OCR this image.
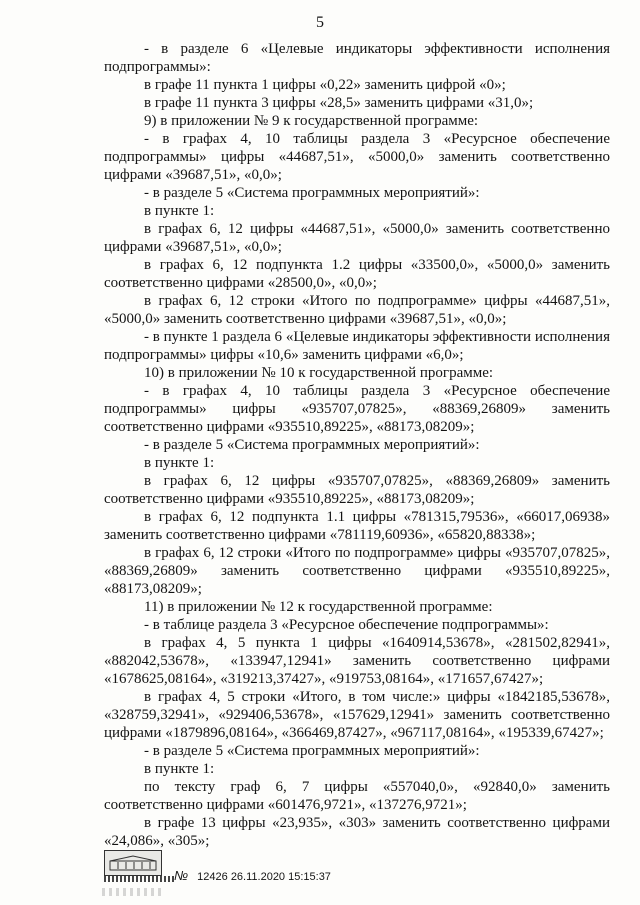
5

- в разделе 6 «Целевые индикаторы эффективности исполнения подпрограммы»:

в графе 11 пункта 1 цифры «0,22» заменить цифрой «0»;

в графе 11 пункта 3 цифры «28,5» заменить цифрами «31,0»;

9) в приложении № 9 к государственной программе:

- в графах 4, 10 таблицы раздела 3 «Ресурсное обеспечение подпрограммы» цифры «44687,51», «5000,0» заменить соответственно цифрами «39687,51», «0,0»;

- в разделе 5 «Система программных мероприятий»:

в пункте 1:

в графах 6, 12 цифры «44687,51», «5000,0» заменить соответственно цифрами «39687,51», «0,0»;

в графах 6, 12 подпункта 1.2 цифры «33500,0», «5000,0» заменить соответственно цифрами «28500,0», «0,0»;

в графах 6, 12 строки «Итого по подпрограмме» цифры «44687,51», «5000,0» заменить соответственно цифрами «39687,51», «0,0»;

- в пункте 1 раздела 6 «Целевые индикаторы эффективности исполнения подпрограммы» цифры «10,6» заменить цифрами «6,0»;

10) в приложении № 10 к государственной программе:

- в графах 4, 10 таблицы раздела 3 «Ресурсное обеспечение подпрограммы» цифры «935707,07825», «88369,26809» заменить соответственно цифрами «935510,89225», «88173,08209»;

- в разделе 5 «Система программных мероприятий»:

в пункте 1:

в графах 6, 12 цифры «935707,07825», «88369,26809» заменить соответственно цифрами «935510,89225», «88173,08209»;

в графах 6, 12 подпункта 1.1 цифры «781315,79536», «66017,06938» заменить соответственно цифрами «781119,60936», «65820,88338»;

в графах 6, 12 строки «Итого по подпрограмме» цифры «935707,07825», «88369,26809» заменить соответственно цифрами «935510,89225», «88173,08209»;

11) в приложении № 12 к государственной программе:

- в таблице раздела 3 «Ресурсное обеспечение подпрограммы»:

в графах 4, 5 пункта 1 цифры «1640914,53678», «281502,82941», «882042,53678», «133947,12941» заменить соответственно цифрами «1678625,08164», «319213,37427», «919753,08164», «171657,67427»;

в графах 4, 5 строки «Итого, в том числе:» цифры «1842185,53678», «328759,32941», «929406,53678», «157629,12941» заменить соответственно цифрами «1879896,08164», «366469,87427», «967117,08164», «195339,67427»;

- в разделе 5 «Система программных мероприятий»:

в пункте 1:

по тексту граф 6, 7 цифры «557040,0», «92840,0» заменить соответственно цифрами «601476,9721», «137276,9721»;

в графе 13 цифры «23,935», «303» заменить соответственно цифрами «24,086», «305»;

№ 12426 26.11.2020 15:15:37
